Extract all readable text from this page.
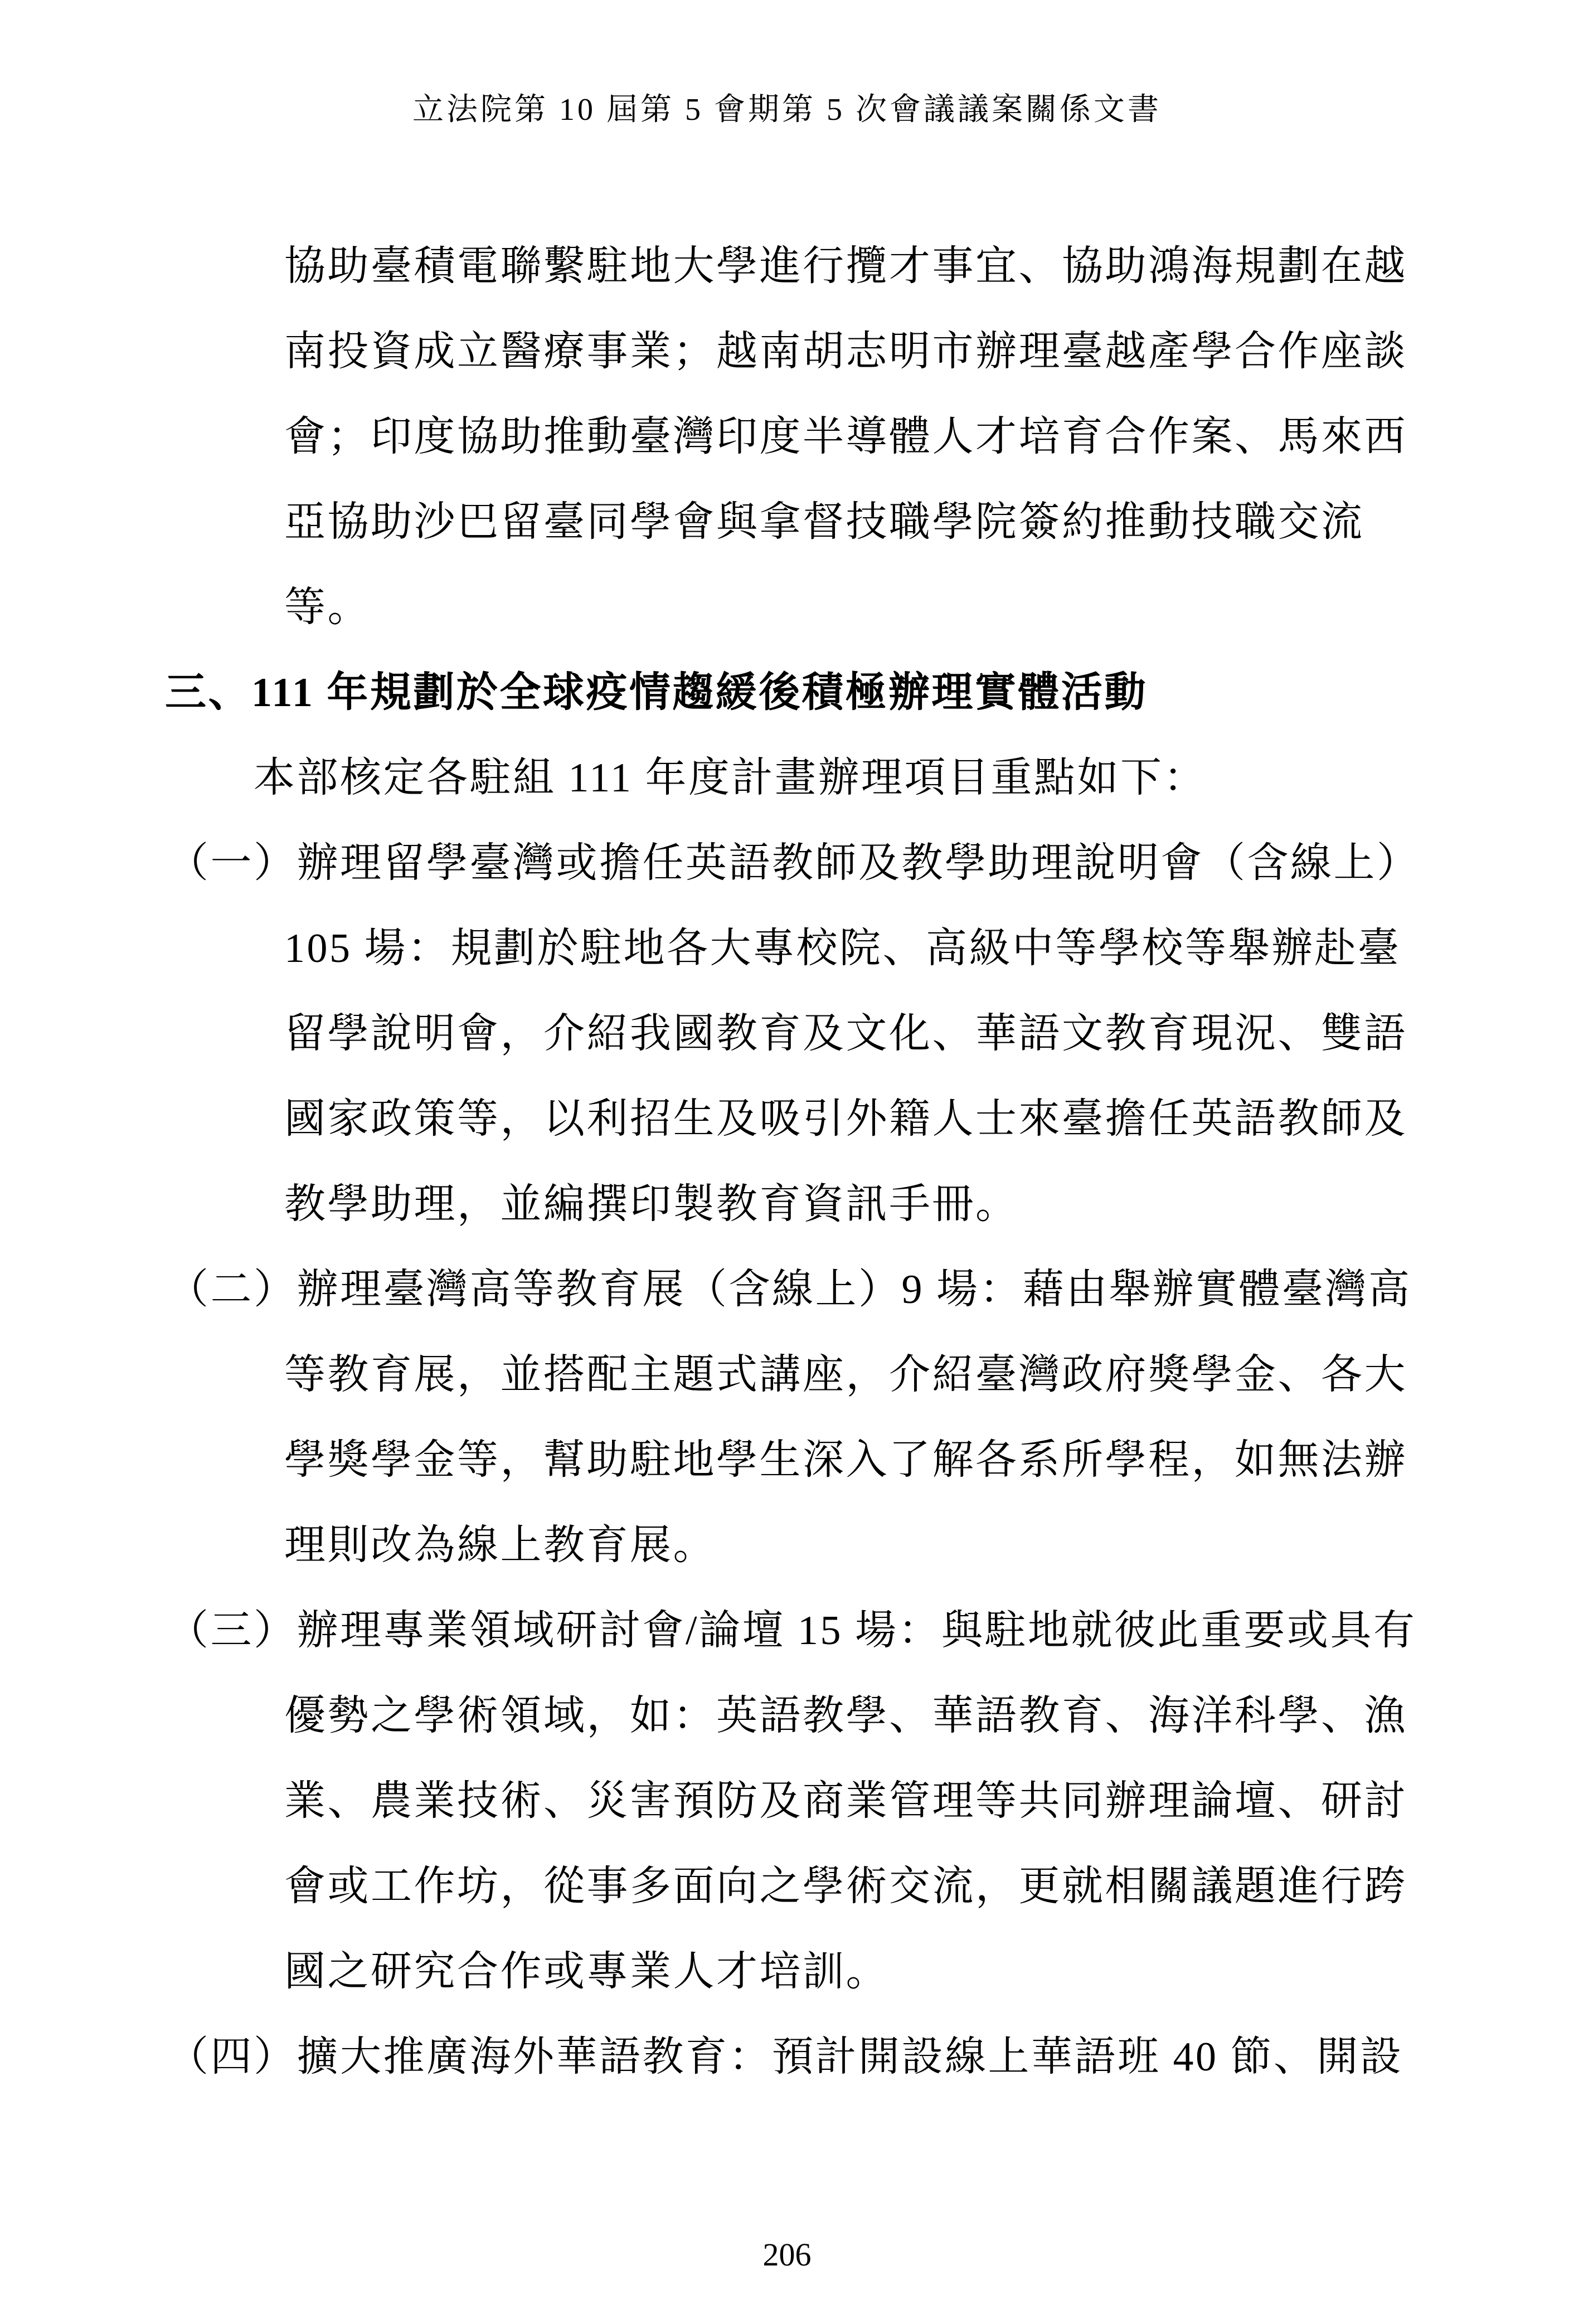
立法院第 10 屆第 5 會期第 5 次會議議案關係文書
協助臺積電聯繫駐地大學進行攬才事宜、協助鴻海規劃在越
南投資成立醫療事業；越南胡志明市辦理臺越產學合作座談
會；印度協助推動臺灣印度半導體人才培育合作案、馬來西
亞協助沙巴留臺同學會與拿督技職學院簽約推動技職交流
等。
三、111 年規劃於全球疫情趨緩後積極辦理實體活動
本部核定各駐組 111 年度計畫辦理項目重點如下：
（一）辦理留學臺灣或擔任英語教師及教學助理說明會（含線上）
105 場：規劃於駐地各大專校院、高級中等學校等舉辦赴臺
留學說明會，介紹我國教育及文化、華語文教育現況、雙語
國家政策等，以利招生及吸引外籍人士來臺擔任英語教師及
教學助理，並編撰印製教育資訊手冊。
（二）辦理臺灣高等教育展（含線上）9 場：藉由舉辦實體臺灣高
等教育展，並搭配主題式講座，介紹臺灣政府獎學金、各大
學獎學金等，幫助駐地學生深入了解各系所學程，如無法辦
理則改為線上教育展。
（三）辦理專業領域研討會/論壇 15 場：與駐地就彼此重要或具有
優勢之學術領域，如：英語教學、華語教育、海洋科學、漁
業、農業技術、災害預防及商業管理等共同辦理論壇、研討
會或工作坊，從事多面向之學術交流，更就相關議題進行跨
國之研究合作或專業人才培訓。
（四）擴大推廣海外華語教育：預計開設線上華語班 40 節、開設
206
